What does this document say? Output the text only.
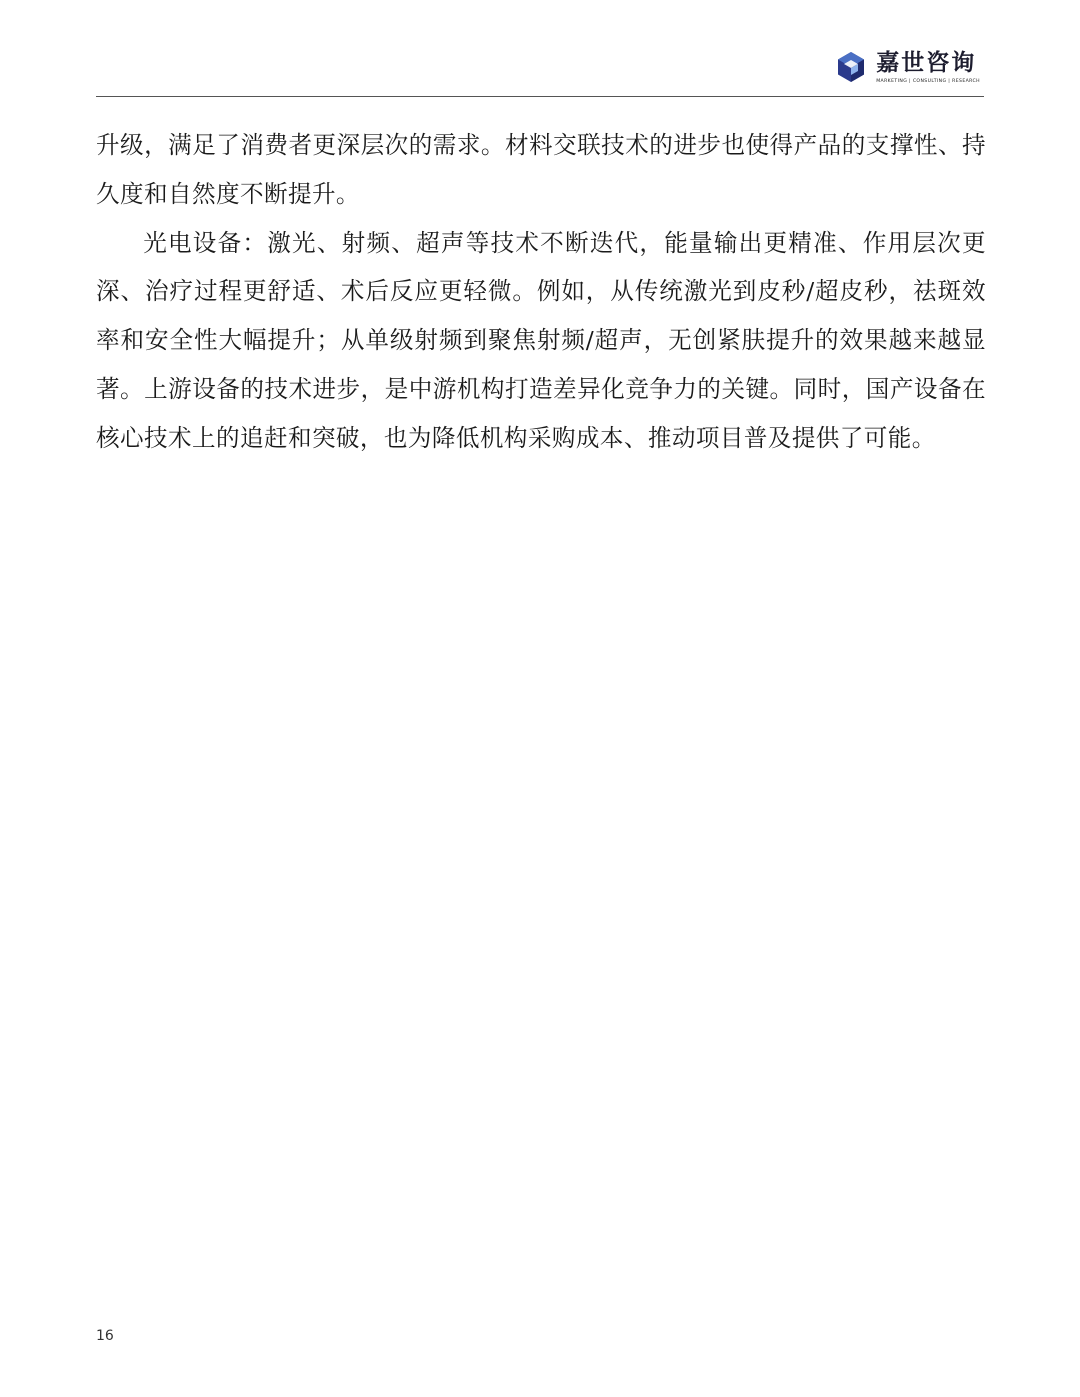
嘉世咨询
MARKETING | CONSULTING | RESEARCH

升级，满足了消费者更深层次的需求。材料交联技术的进步也使得产品的支撑性、持久度和自然度不断提升。

光电设备：激光、射频、超声等技术不断迭代，能量输出更精准、作用层次更深、治疗过程更舒适、术后反应更轻微。例如，从传统激光到皮秒/超皮秒，祛斑效率和安全性大幅提升；从单级射频到聚焦射频/超声，无创紧肤提升的效果越来越显著。上游设备的技术进步，是中游机构打造差异化竞争力的关键。同时，国产设备在核心技术上的追赶和突破，也为降低机构采购成本、推动项目普及提供了可能。

16
